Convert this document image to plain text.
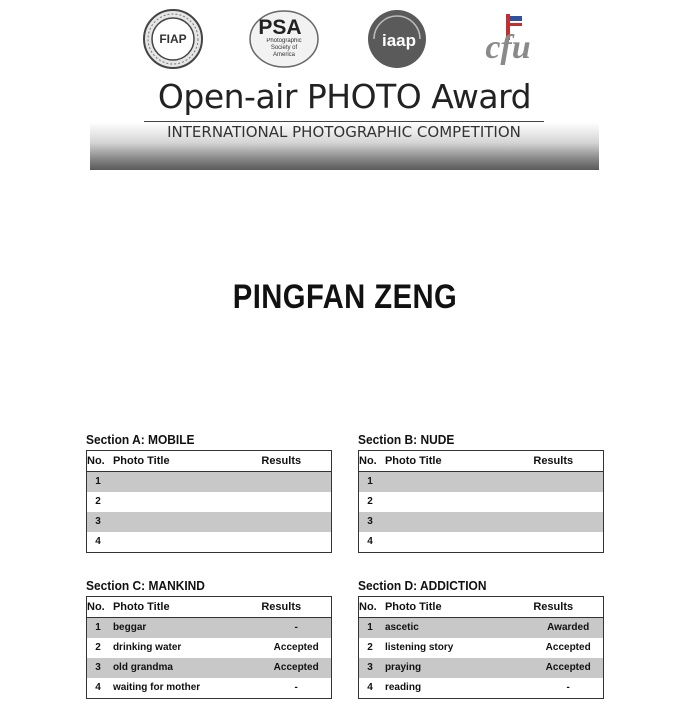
FIAP	PSA
Photographic Society of America
iaap cfu
Open-air PHOTO Award
INTERNATIONAL PHOTOGRAPHIC COMPETITION
PINGFAN ZENG
Section A: MOBILE
No.	Photo Title	Results
1		
2		
3		
4		
Section B: NUDE
No.	Photo Title	Results
1		
2		
3		
4		
Section C: MANKIND
No.	Photo Title	Results
1	beggar	-
2	drinking water	Accepted
3	old grandma	Accepted
4	waiting for mother	-
Section D: ADDICTION
No.	Photo Title	Results
1	ascetic	Awarded
2	listening story	Accepted
3	praying	Accepted
4	reading	-
